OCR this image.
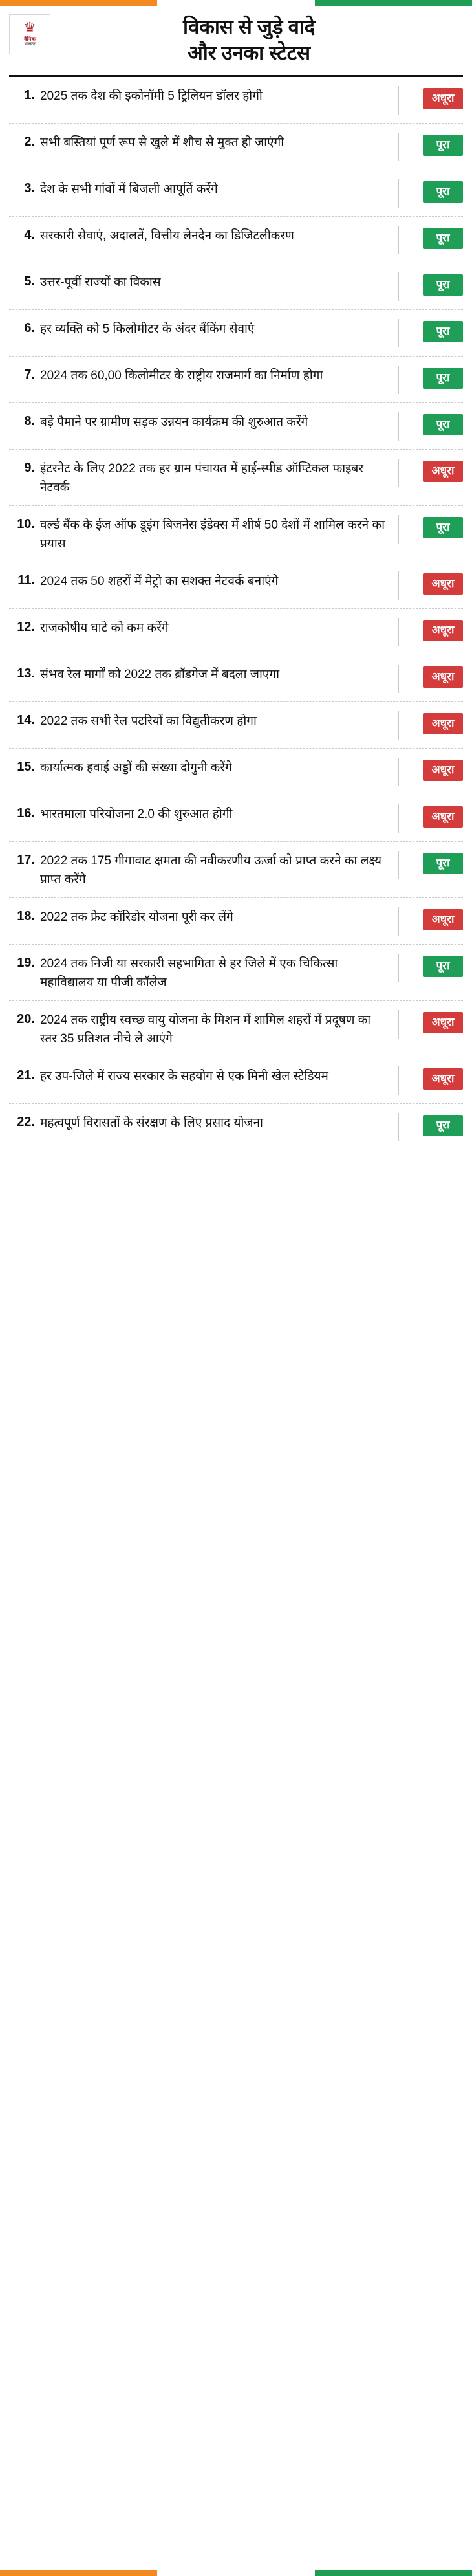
♛
दैनिक
भास्कर
विकास से जुड़े वादे
और उनका स्टेटस
1. 2025 तक देश की इकोनॉमी 5 ट्रिलियन डॉलर होगी	अधूरा
2. सभी बस्तियां पूर्ण रूप से खुले में शौच से मुक्त हो जाएंगी	पूरा
3. देश के सभी गांवों में बिजली आपूर्ति करेंगे	पूरा
4. सरकारी सेवाएं, अदालतें, वित्तीय लेनदेन का डिजिटलीकरण	पूरा
5. उत्तर-पूर्वी राज्यों का विकास	पूरा
6. हर व्यक्ति को 5 किलोमीटर के अंदर बैंकिंग सेवाएं	पूरा
7. 2024 तक 60,00 किलोमीटर के राष्ट्रीय राजमार्ग का निर्माण होगा	पूरा
8. बड़े पैमाने पर ग्रामीण सड़क उन्नयन कार्यक्रम की शुरुआत करेंगे	पूरा
9. इंटरनेट के लिए 2022 तक हर ग्राम पंचायत में हाई-स्पीड ऑप्टिकल फाइबर नेटवर्क
अधूरा
10. वर्ल्ड बैंक के ईज ऑफ डूइंग बिजनेस इंडेक्स में शीर्ष 50 देशों में शामिल करने का प्रयास
पूरा
11. 2024 तक 50 शहरों में मेट्रो का सशक्त नेटवर्क बनाएंगे	अधूरा
12. राजकोषीय घाटे को कम करेंगे	अधूरा
13. संभव रेल मार्गों को 2022 तक ब्रॉडगेज में बदला जाएगा	अधूरा
14. 2022 तक सभी रेल पटरियों का विद्युतीकरण होगा	अधूरा
15. कार्यात्मक हवाई अड्डों की संख्या दोगुनी करेंगे	अधूरा
16. भारतमाला परियोजना 2.0 की शुरुआत होगी	अधूरा
17. 2022 तक 175 गीगावाट क्षमता की नवीकरणीय ऊर्जा को प्राप्त करने का लक्ष्य प्राप्त करेंगे
पूरा
18. 2022 तक फ्रेट कॉरिडोर योजना पूरी कर लेंगे	अधूरा
19. 2024 तक निजी या सरकारी सहभागिता से हर जिले में एक चिकित्सा महाविद्यालय या पीजी कॉलेज
पूरा
20. 2024 तक राष्ट्रीय स्वच्छ वायु योजना के मिशन में शामिल शहरों में प्रदूषण का स्तर 35 प्रतिशत नीचे ले आएंगे
अधूरा
21. हर उप-जिले में राज्य सरकार के सहयोग से एक मिनी खेल स्टेडियम	अधूरा
22. महत्वपूर्ण विरासतों के संरक्षण के लिए प्रसाद योजना	पूरा
